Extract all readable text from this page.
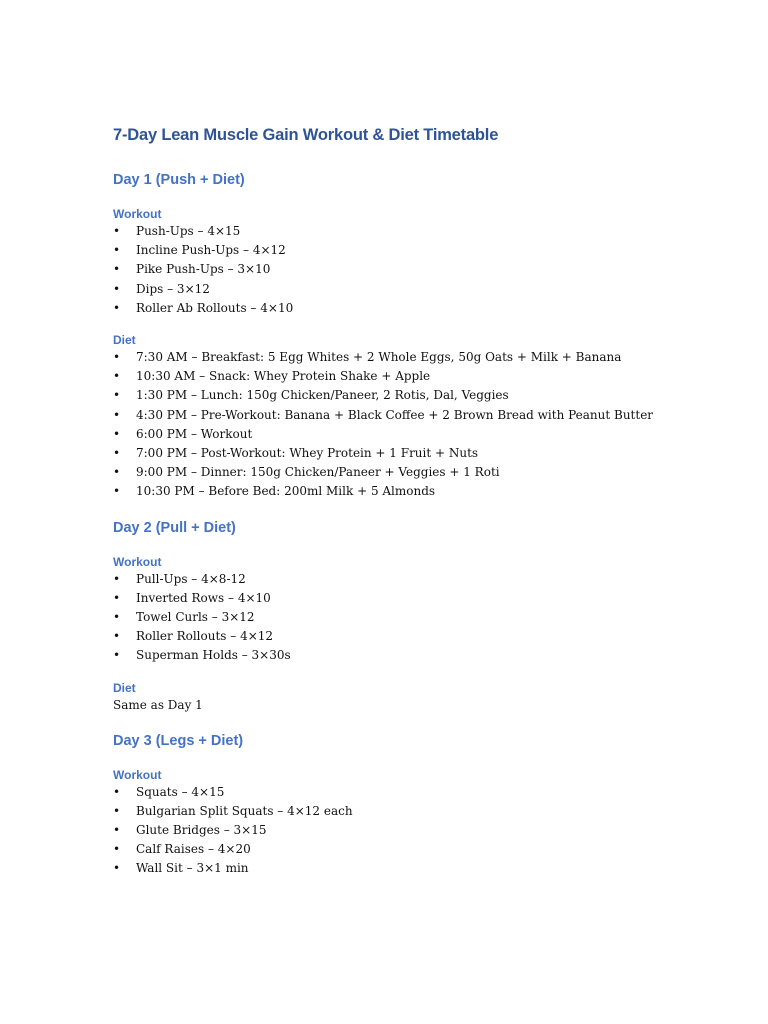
7-Day Lean Muscle Gain Workout & Diet Timetable
Day 1 (Push + Diet)
Workout
• Push-Ups – 4×15
• Incline Push-Ups – 4×12
• Pike Push-Ups – 3×10
• Dips – 3×12
• Roller Ab Rollouts – 4×10
Diet
• 7:30 AM – Breakfast: 5 Egg Whites + 2 Whole Eggs, 50g Oats + Milk + Banana
• 10:30 AM – Snack: Whey Protein Shake + Apple
• 1:30 PM – Lunch: 150g Chicken/Paneer, 2 Rotis, Dal, Veggies
• 4:30 PM – Pre-Workout: Banana + Black Coffee + 2 Brown Bread with Peanut Butter
• 6:00 PM – Workout
• 7:00 PM – Post-Workout: Whey Protein + 1 Fruit + Nuts
• 9:00 PM – Dinner: 150g Chicken/Paneer + Veggies + 1 Roti
• 10:30 PM – Before Bed: 200ml Milk + 5 Almonds
Day 2 (Pull + Diet)
Workout
• Pull-Ups – 4×8-12
• Inverted Rows – 4×10
• Towel Curls – 3×12
• Roller Rollouts – 4×12
• Superman Holds – 3×30s
Diet

Same as Day 1

Day 3 (Legs + Diet)
Workout
• Squats – 4×15
• Bulgarian Split Squats – 4×12 each
• Glute Bridges – 3×15
• Calf Raises – 4×20
• Wall Sit – 3×1 min
